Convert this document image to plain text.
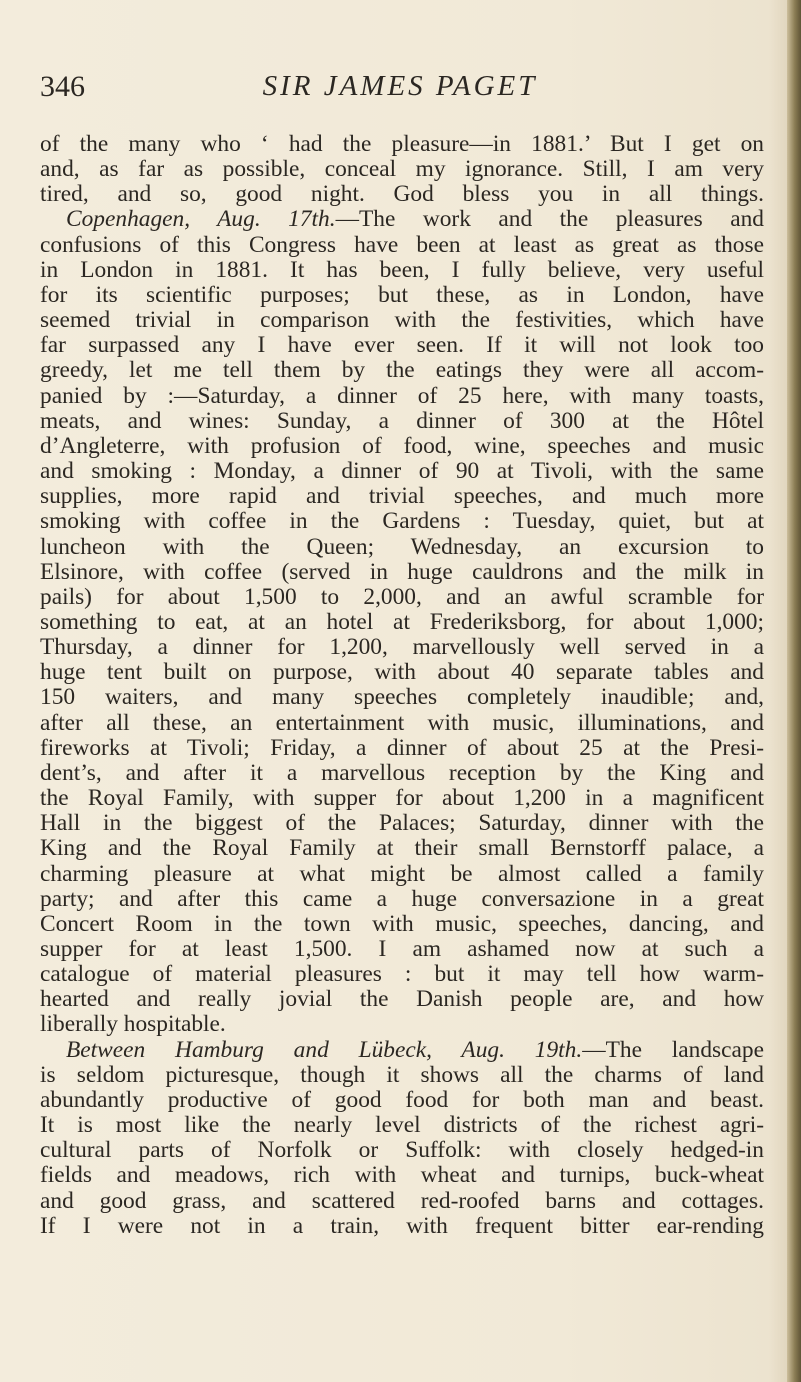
346	SIR JAMES PAGET
of the many who ‘ had the pleasure—in 1881.’ But I get on
and, as far as possible, conceal my ignorance. Still, I am very
tired, and so, good night. God bless you in all things.
Copenhagen, Aug. 17th.—The work and the pleasures and
confusions of this Congress have been at least as great as those
in London in 1881. It has been, I fully believe, very useful
for its scientific purposes; but these, as in London, have
seemed trivial in comparison with the festivities, which have
far surpassed any I have ever seen. If it will not look too
greedy, let me tell them by the eatings they were all accom-
panied by :—Saturday, a dinner of 25 here, with many toasts,
meats, and wines: Sunday, a dinner of 300 at the Hôtel
d’Angleterre, with profusion of food, wine, speeches and music
and smoking : Monday, a dinner of 90 at Tivoli, with the same
supplies, more rapid and trivial speeches, and much more
smoking with coffee in the Gardens : Tuesday, quiet, but at
luncheon with the Queen; Wednesday, an excursion to
Elsinore, with coffee (served in huge cauldrons and the milk in
pails) for about 1,500 to 2,000, and an awful scramble for
something to eat, at an hotel at Frederiksborg, for about 1,000;
Thursday, a dinner for 1,200, marvellously well served in a
huge tent built on purpose, with about 40 separate tables and
150 waiters, and many speeches completely inaudible; and,
after all these, an entertainment with music, illuminations, and
fireworks at Tivoli; Friday, a dinner of about 25 at the Presi-
dent’s, and after it a marvellous reception by the King and
the Royal Family, with supper for about 1,200 in a magnificent
Hall in the biggest of the Palaces; Saturday, dinner with the
King and the Royal Family at their small Bernstorff palace, a
charming pleasure at what might be almost called a family
party; and after this came a huge conversazione in a great
Concert Room in the town with music, speeches, dancing, and
supper for at least 1,500. I am ashamed now at such a
catalogue of material pleasures : but it may tell how warm-
hearted and really jovial the Danish people are, and how
liberally hospitable.
Between Hamburg and Lübeck, Aug. 19th.—The landscape
is seldom picturesque, though it shows all the charms of land
abundantly productive of good food for both man and beast.
It is most like the nearly level districts of the richest agri-
cultural parts of Norfolk or Suffolk: with closely hedged-in
fields and meadows, rich with wheat and turnips, buck-wheat
and good grass, and scattered red-roofed barns and cottages.
If I were not in a train, with frequent bitter ear-rending
